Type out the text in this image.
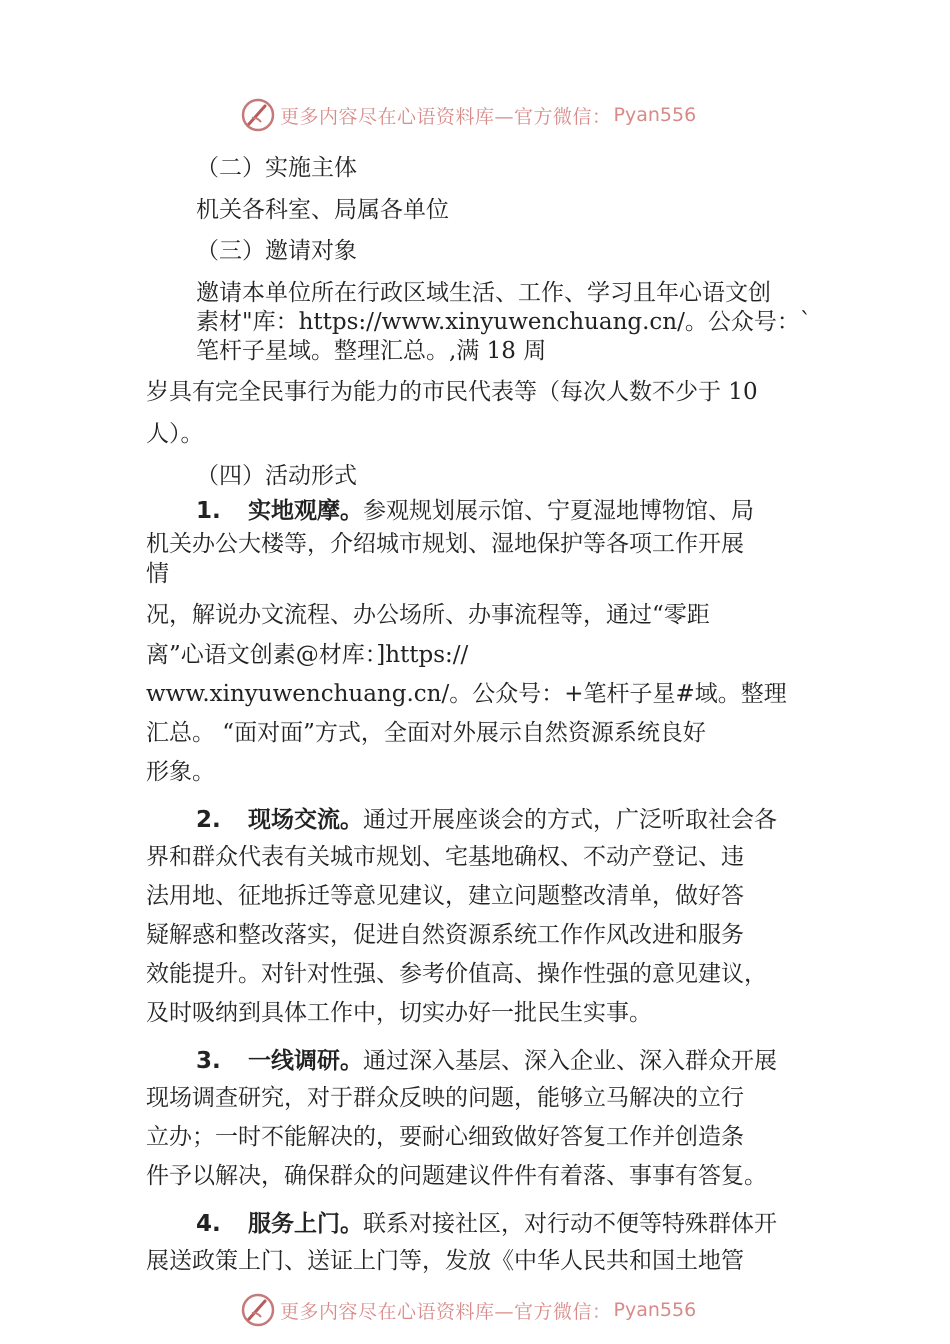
更多内容尽在心语资料库—官方微信： Pyan556
（二）实施主体
机关各科室、局属各单位
（三）邀请对象
邀请本单位所在行政区域生活、工作、学习且年心语文创
素材"库：https://www.xinyuwenchuang.cn/。公众号：`
笔杆子星域。整理汇总。,满 18 周
岁具有完全民事行为能力的市民代表等（每次人数不少于 10
人）。
（四）活动形式
1. 实地观摩。参观规划展示馆、宁夏湿地博物馆、局
机关办公大楼等，介绍城市规划、湿地保护等各项工作开展
情
况，解说办文流程、办公场所、办事流程等，通过“零距
离”心语文创素@材库：]https://
www.xinyuwenchuang.cn/。公众号：+笔杆子星#域。整理
汇总。 “面对面”方式，全面对外展示自然资源系统良好
形象。
2. 现场交流。通过开展座谈会的方式，广泛听取社会各
界和群众代表有关城市规划、宅基地确权、不动产登记、违
法用地、征地拆迁等意见建议，建立问题整改清单，做好答
疑解惑和整改落实，促进自然资源系统工作作风改进和服务
效能提升。对针对性强、参考价值高、操作性强的意见建议，
及时吸纳到具体工作中，切实办好一批民生实事。
3. 一线调研。通过深入基层、深入企业、深入群众开展
现场调查研究，对于群众反映的问题，能够立马解决的立行
立办；一时不能解决的，要耐心细致做好答复工作并创造条
件予以解决，确保群众的问题建议件件有着落、事事有答复。
4. 服务上门。联系对接社区，对行动不便等特殊群体开
展送政策上门、送证上门等，发放《中华人民共和国土地管
更多内容尽在心语资料库—官方微信： Pyan556
